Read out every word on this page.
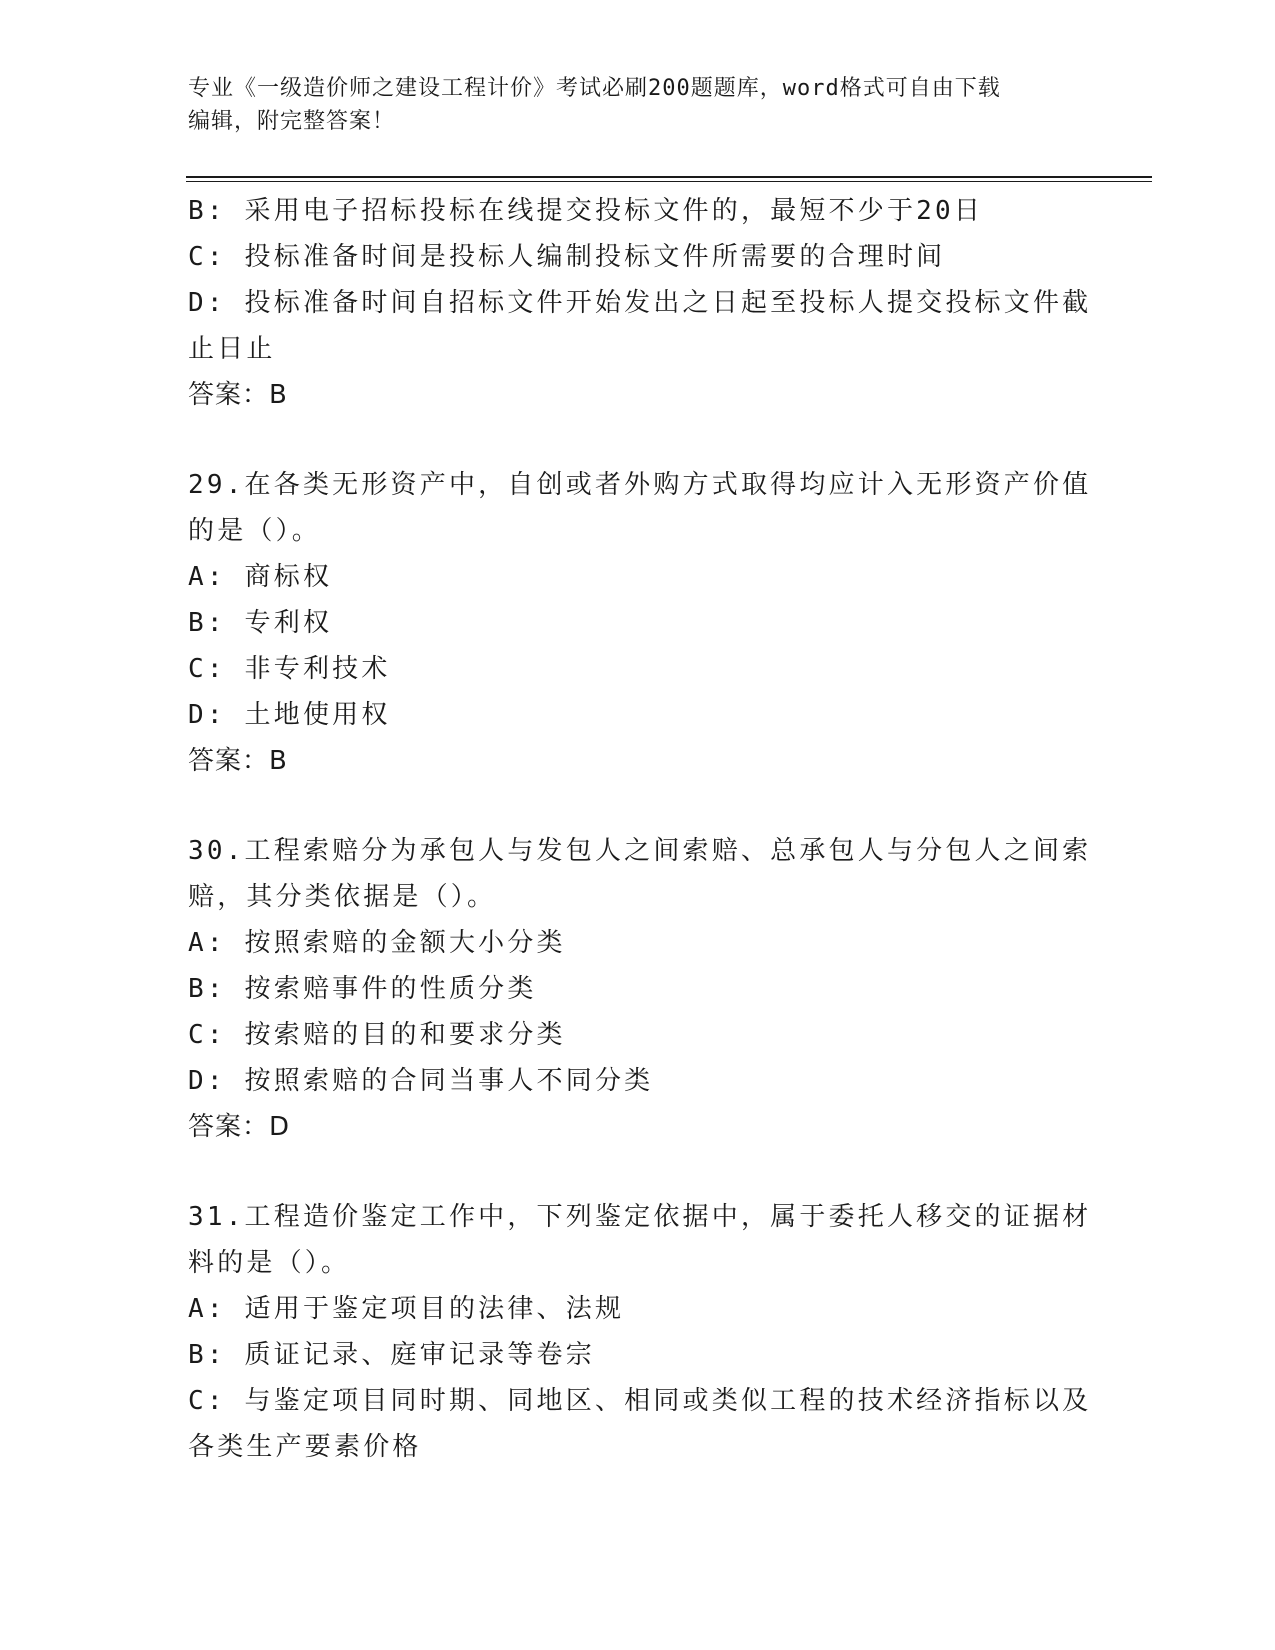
专业《一级造价师之建设工程计价》考试必刷200题题库，word格式可自由下载
编辑，附完整答案！
B: 采用电子招标投标在线提交投标文件的，最短不少于20日
C: 投标准备时间是投标人编制投标文件所需要的合理时间
D: 投标准备时间自招标文件开始发出之日起至投标人提交投标文件截
止日止
答案：B
29.在各类无形资产中，自创或者外购方式取得均应计入无形资产价值
的是（）。
A: 商标权
B: 专利权
C: 非专利技术
D: 土地使用权
答案：B
30.工程索赔分为承包人与发包人之间索赔、总承包人与分包人之间索
赔，其分类依据是（）。
A: 按照索赔的金额大小分类
B: 按索赔事件的性质分类
C: 按索赔的目的和要求分类
D: 按照索赔的合同当事人不同分类
答案：D
31.工程造价鉴定工作中，下列鉴定依据中，属于委托人移交的证据材
料的是（）。
A: 适用于鉴定项目的法律、法规
B: 质证记录、庭审记录等卷宗
C: 与鉴定项目同时期、同地区、相同或类似工程的技术经济指标以及
各类生产要素价格
